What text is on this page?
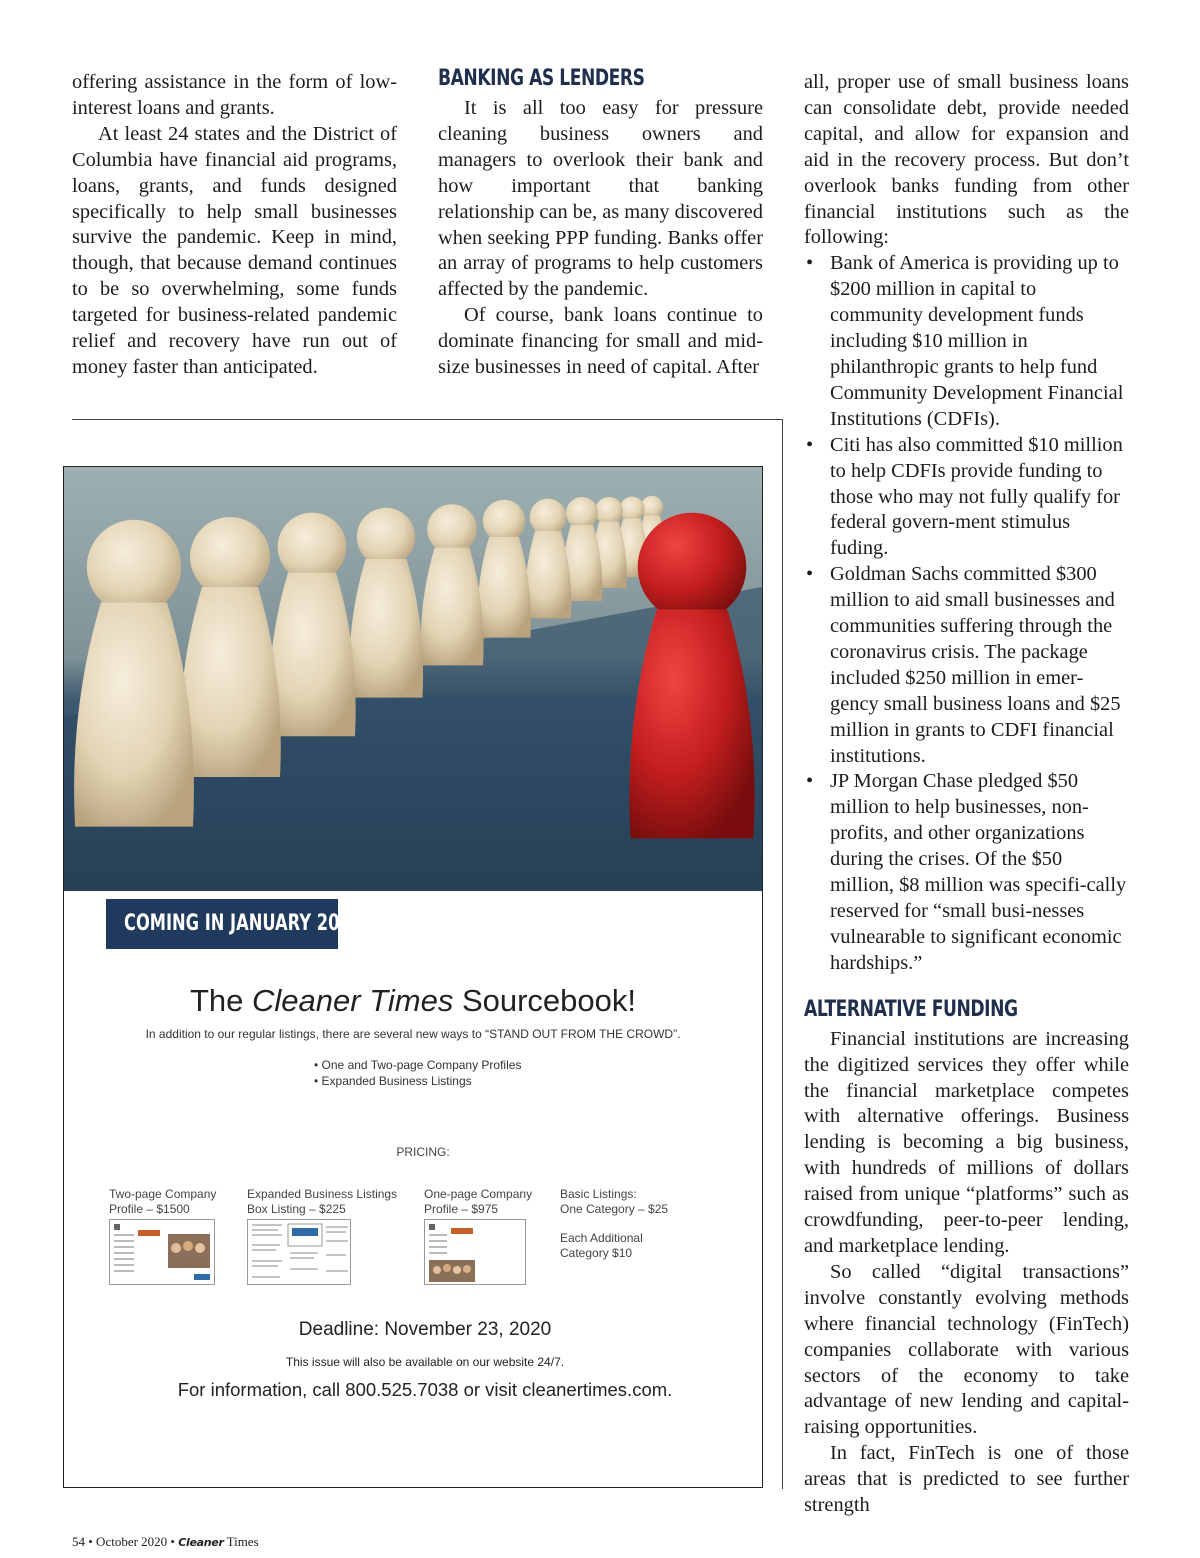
offering assistance in the form of low-interest loans and grants.

At least 24 states and the District of Columbia have financial aid programs, loans, grants, and funds designed specifically to help small businesses survive the pandemic. Keep in mind, though, that because demand continues to be so overwhelming, some funds targeted for business-related pandemic relief and recovery have run out of money faster than anticipated.

BANKING AS LENDERS

It is all too easy for pressure cleaning business owners and managers to overlook their bank and how important that banking relationship can be, as many discovered when seeking PPP funding. Banks offer an array of programs to help customers affected by the pandemic.

Of course, bank loans continue to dominate financing for small and mid-size businesses in need of capital. After

all, proper use of small business loans can consolidate debt, provide needed capital, and allow for expansion and aid in the recovery process. But don’t overlook banks funding from other financial institutions such as the following:

• Bank of America is providing up to $200 million in capital to community development funds including $10 million in philanthropic grants to help fund Community Development Financial Institutions (CDFIs).
• Citi has also committed $10 million to help CDFIs provide funding to those who may not fully qualify for federal govern-ment stimulus fuding.
• Goldman Sachs committed $300 million to aid small businesses and communities suffering through the coronavirus crisis. The package included $250 million in emer-gency small business loans and $25 million in grants to CDFI financial institutions.
• JP Morgan Chase pledged $50 million to help businesses, non-profits, and other organizations during the crises. Of the $50 million, $8 million was specifi-cally reserved for “small busi-nesses vulnearable to significant economic hardships.”
ALTERNATIVE FUNDING

Financial institutions are increasing the digitized services they offer while the financial marketplace competes with alternative offerings. Business lending is becoming a big business, with hundreds of millions of dollars raised from unique “platforms” such as crowdfunding, peer-to-peer lending, and marketplace lending.

So called “digital transactions” involve constantly evolving methods where financial technology (FinTech) companies collaborate with various sectors of the economy to take advantage of new lending and capital-raising opportunities.

In fact, FinTech is one of those areas that is predicted to see further strength

COMING IN JANUARY 2021
The Cleaner Times Sourcebook!
In addition to our regular listings, there are several new ways to “STAND OUT FROM THE CROWD”.
• One and Two-page Company Profiles
• Expanded Business Listings
PRICING:
Two-page Company
Profile – $1500
Expanded Business Listings
Box Listing – $225
One-page Company
Profile – $975
Basic Listings:
One Category – $25
Each Additional
Category $10
Deadline: November 23, 2020
This issue will also be available on our website 24/7.
For information, call 800.525.7038 or visit cleanertimes.com.
54 • October 2020 • Cleaner Times
